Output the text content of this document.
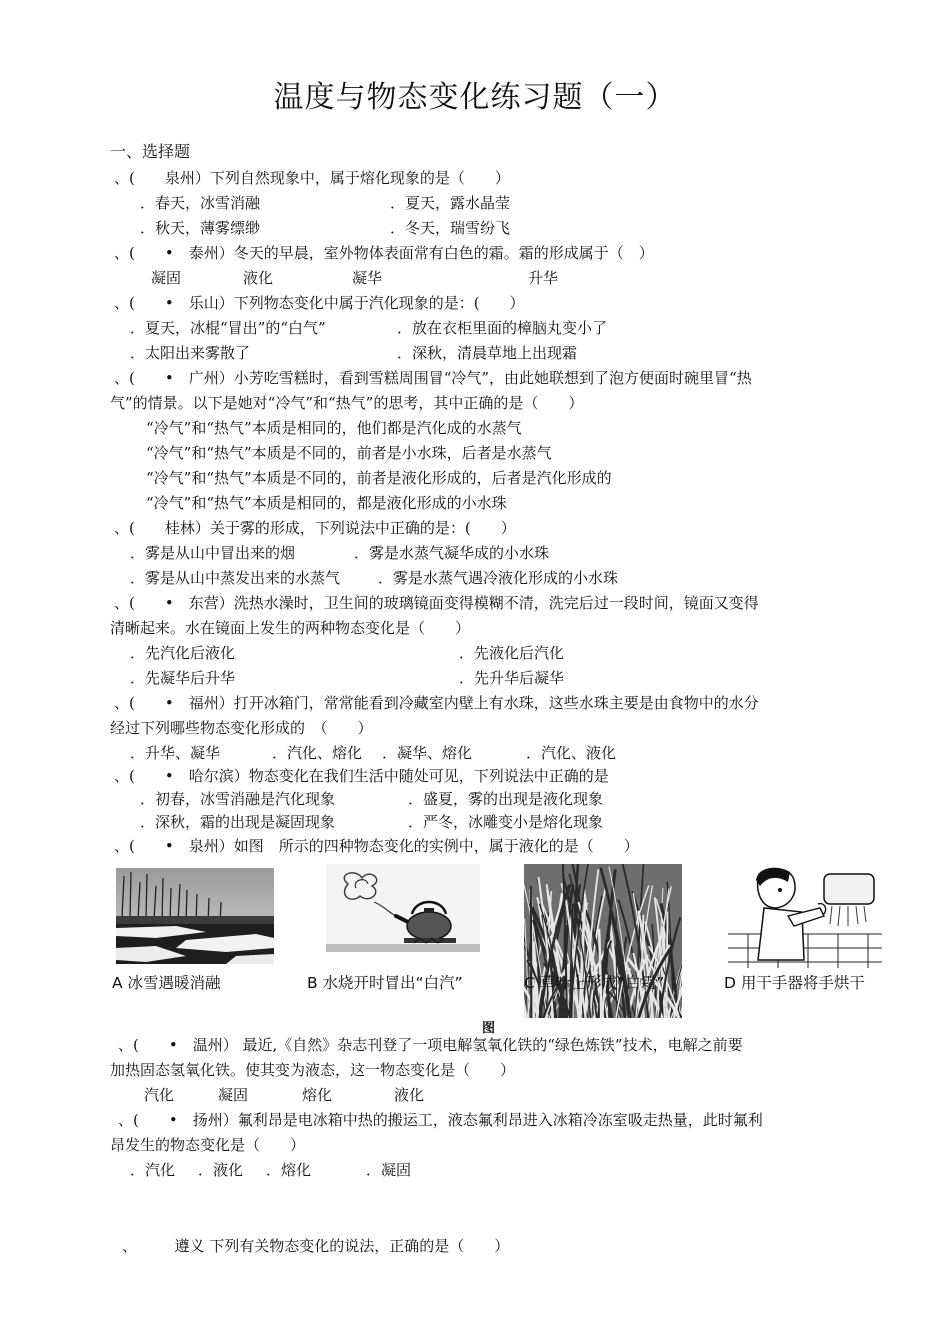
温度与物态变化练习题（一）
一、选择题
、(　　泉州）下列自然现象中，属于熔化现象的是（　　）
．春天，冰雪消融	．夏天，露水晶莹
．秋天，薄雾缥缈	．冬天，瑞雪纷飞
、(　　•　泰州）冬天的早晨，室外物体表面常有白色的霜。霜的形成属于（　）
凝固	液化	凝华	升华
、(　　•　乐山）下列物态变化中属于汽化现象的是：(　　）
．夏天，冰棍“冒出”的“白气”	．放在衣柜里面的樟脑丸变小了
．太阳出来雾散了	．深秋，清晨草地上出现霜
、(　　•　广州）小芳吃雪糕时，看到雪糕周围冒“冷气”，由此她联想到了泡方便面时碗里冒“热
气”的情景。以下是她对“冷气”和“热气”的思考，其中正确的是（　　）
“冷气”和“热气”本质是相同的，他们都是汽化成的水蒸气
“冷气”和“热气”本质是不同的，前者是小水珠，后者是水蒸气
“冷气”和“热气”本质是不同的，前者是液化形成的，后者是汽化形成的
“冷气”和“热气”本质是相同的，都是液化形成的小水珠
、(　　桂林）关于雾的形成，下列说法中正确的是：(　　）
．雾是从山中冒出来的烟	．雾是水蒸气凝华成的小水珠
．雾是从山中蒸发出来的水蒸气	．雾是水蒸气遇冷液化形成的小水珠
、(　　•　东营）洗热水澡时，卫生间的玻璃镜面变得模糊不清，洗完后过一段时间，镜面又变得
清晰起来。水在镜面上发生的两种物态变化是（　　）
．先汽化后液化	．先液化后汽化
．先凝华后升华	．先升华后凝华
、(　　•　福州）打开冰箱门，常常能看到冷藏室内壁上有水珠，这些水珠主要是由食物中的水分
经过下列哪些物态变化形成的　（　　）
．升华、凝华	．汽化、熔化 ．凝华、熔化	．汽化、液化
、(　　•　哈尔滨）物态变化在我们生活中随处可见，下列说法中正确的是
．初春，冰雪消融是汽化现象	．盛夏，雾的出现是液化现象
．深秋，霜的出现是凝固现象	．严冬，冰雕变小是熔化现象
、(　　•　泉州）如图　所示的四种物态变化的实例中，属于液化的是（　　）
A 冰雪遇暖消融	B 水烧开时冒出“白汽”	C 草叶上形成“白霜”	D 用干手器将手烘干
图
、(　　•　温州） 最近,《自然》杂志刊登了一项电解氢氧化铁的“绿色炼铁”技术，电解之前要
加热固态氢氧化铁。使其变为液态，这一物态变化是（　　）
汽化	凝固	熔化	液化
、(　　•　扬州）氟利昂是电冰箱中热的搬运工，液态氟利昂进入冰箱冷冻室吸走热量，此时氟利
昂发生的物态变化是（　　）
．汽化 ．液化 ．熔化	．凝固
、　　　遵义 下列有关物态变化的说法，正确的是（　　）
